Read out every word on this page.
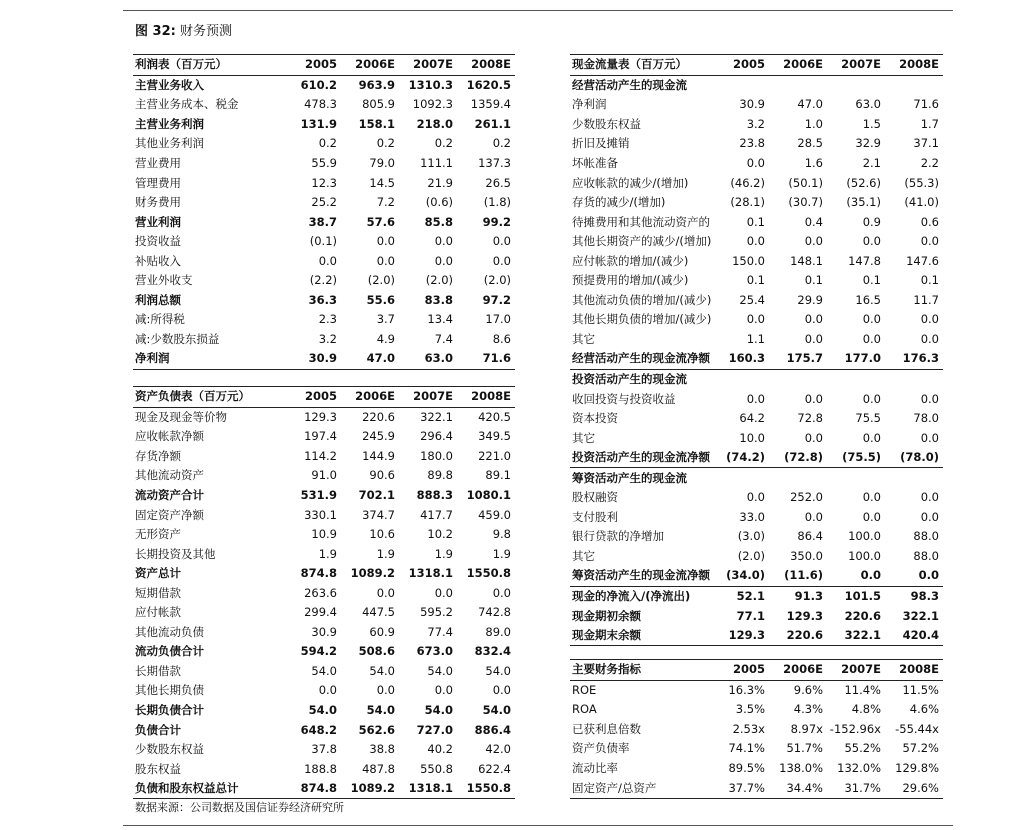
图 32: 财务预测
利润表（百万元）	2005	2006E	2007E	2008E
主营业务收入	610.2	963.9	1310.3	1620.5
主营业务成本、税金	478.3	805.9	1092.3	1359.4
主营业务利润	131.9	158.1	218.0	261.1
其他业务利润	0.2	0.2	0.2	0.2
营业费用	55.9	79.0	111.1	137.3
管理费用	12.3	14.5	21.9	26.5
财务费用	25.2	7.2	(0.6)	(1.8)
营业利润	38.7	57.6	85.8	99.2
投资收益	(0.1)	0.0	0.0	0.0
补贴收入	0.0	0.0	0.0	0.0
营业外收支	(2.2)	(2.0)	(2.0)	(2.0)
利润总额	36.3	55.6	83.8	97.2
减:所得税	2.3	3.7	13.4	17.0
减:少数股东损益	3.2	4.9	7.4	8.6
净利润	30.9	47.0	63.0	71.6
资产负债表（百万元）	2005	2006E	2007E	2008E
现金及现金等价物	129.3	220.6	322.1	420.5
应收帐款净额	197.4	245.9	296.4	349.5
存货净额	114.2	144.9	180.0	221.0
其他流动资产	91.0	90.6	89.8	89.1
流动资产合计	531.9	702.1	888.3	1080.1
固定资产净额	330.1	374.7	417.7	459.0
无形资产	10.9	10.6	10.2	9.8
长期投资及其他	1.9	1.9	1.9	1.9
资产总计	874.8	1089.2	1318.1	1550.8
短期借款	263.6	0.0	0.0	0.0
应付帐款	299.4	447.5	595.2	742.8
其他流动负债	30.9	60.9	77.4	89.0
流动负债合计	594.2	508.6	673.0	832.4
长期借款	54.0	54.0	54.0	54.0
其他长期负债	0.0	0.0	0.0	0.0
长期负债合计	54.0	54.0	54.0	54.0
负债合计	648.2	562.6	727.0	886.4
少数股东权益	37.8	38.8	40.2	42.0
股东权益	188.8	487.8	550.8	622.4
负债和股东权益总计	874.8	1089.2	1318.1	1550.8
现金流量表（百万元）	2005	2006E	2007E	2008E
经营活动产生的现金流				
净利润	30.9	47.0	63.0	71.6
少数股东权益	3.2	1.0	1.5	1.7
折旧及摊销	23.8	28.5	32.9	37.1
坏帐准备	0.0	1.6	2.1	2.2
应收帐款的减少/(增加)	(46.2)	(50.1)	(52.6)	(55.3)
存货的减少/(增加)	(28.1)	(30.7)	(35.1)	(41.0)
待摊费用和其他流动资产的	0.1	0.4	0.9	0.6
其他长期资产的减少/(增加)	0.0	0.0	0.0	0.0
应付帐款的增加/(减少)	150.0	148.1	147.8	147.6
预提费用的增加/(减少)	0.1	0.1	0.1	0.1
其他流动负债的增加/(减少)	25.4	29.9	16.5	11.7
其他长期负债的增加/(减少)	0.0	0.0	0.0	0.0
其它	1.1	0.0	0.0	0.0
经营活动产生的现金流净额	160.3	175.7	177.0	176.3
投资活动产生的现金流				
收回投资与投资收益	0.0	0.0	0.0	0.0
资本投资	64.2	72.8	75.5	78.0
其它	10.0	0.0	0.0	0.0
投资活动产生的现金流净额	(74.2)	(72.8)	(75.5)	(78.0)
筹资活动产生的现金流				
股权融资	0.0	252.0	0.0	0.0
支付股利	33.0	0.0	0.0	0.0
银行贷款的净增加	(3.0)	86.4	100.0	88.0
其它	(2.0)	350.0	100.0	88.0
筹资活动产生的现金流净额	(34.0)	(11.6)	0.0	0.0
现金的净流入/(净流出)	52.1	91.3	101.5	98.3
现金期初余额	77.1	129.3	220.6	322.1
现金期末余额	129.3	220.6	322.1	420.4
主要财务指标	2005	2006E	2007E	2008E
ROE	16.3%	9.6%	11.4%	11.5%
ROA	3.5%	4.3%	4.8%	4.6%
已获利息倍数	2.53x	8.97x	-152.96x	-55.44x
资产负债率	74.1%	51.7%	55.2%	57.2%
流动比率	89.5%	138.0%	132.0%	129.8%
固定资产/总资产	37.7%	34.4%	31.7%	29.6%
数据来源：公司数据及国信证券经济研究所
